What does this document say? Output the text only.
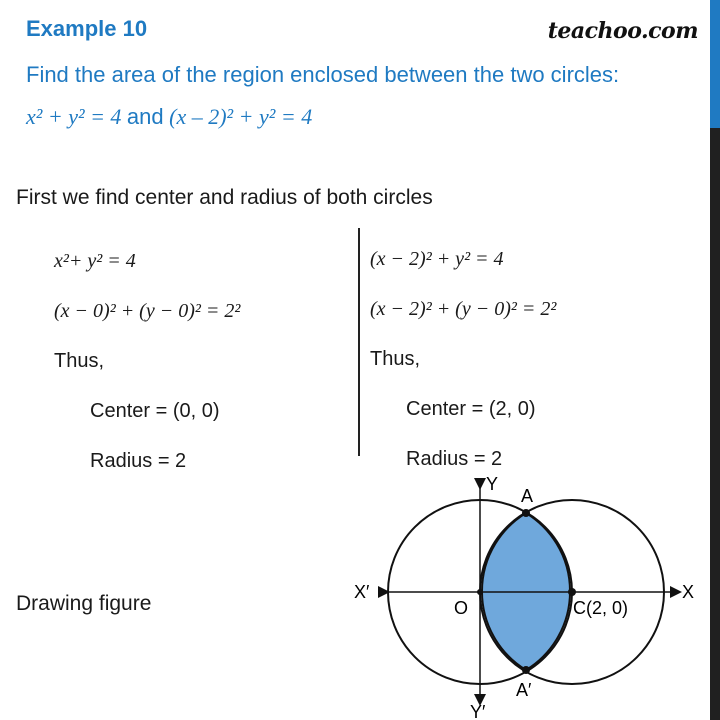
Example 10	teachoo.com
Find the area of the region enclosed between the two circles:
x² + y² = 4 and (x – 2)² + y² = 4
First we find center and radius of both circles
x²+ y² = 4
(x − 0)² + (y − 0)² = 2²
Thus,
Center = (0, 0)
Radius = 2
(x − 2)² + y² = 4
(x − 2)² + (y − 0)² = 2²
Thus,
Center = (2, 0)
Radius = 2
Drawing figure
Y
Y′
X
X′
O
A
A′
C(2, 0)
